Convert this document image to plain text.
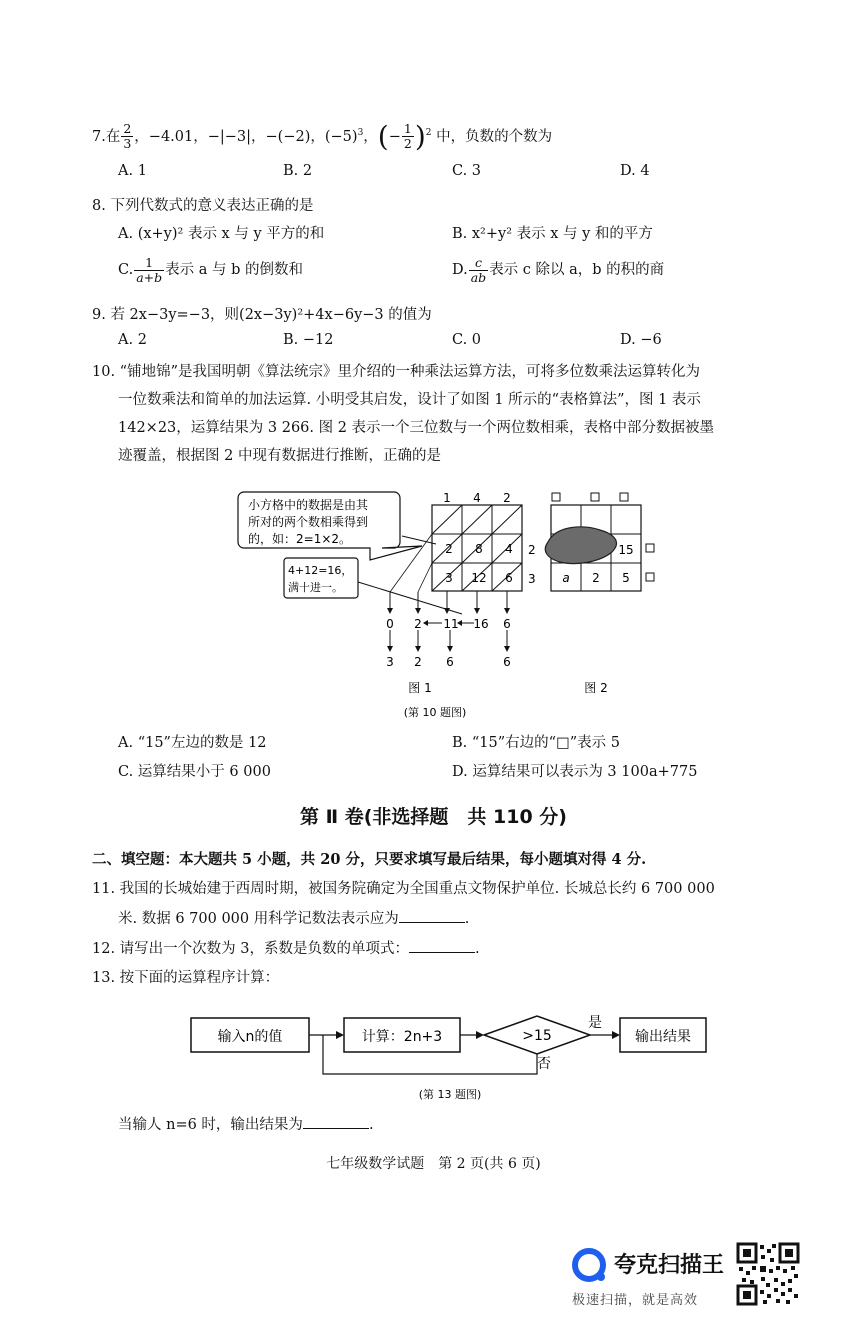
7.在 $\frac{2}{3}$ ，−4.01，−|−3|，−(−2)，$(-5)^3$，(− $\frac{1}{2} )^2$ 中，负数的个数为
A. 1	B. 2	C. 3	D. 4
8. 下列代数式的意义表达正确的是
A. (x+y)² 表示 x 与 y 平方的和	B. x²+y² 表示 x 与 y 和的平方
C. $\frac{1}{a+b}$ 表示 a 与 b 的倒数和	D. $\frac{c}{ab}$ 表示 c 除以 a，b 的积的商
9. 若 2x−3y=−3，则(2x−3y)²+4x−6y−3 的值为
A. 2	B. −12	C. 0	D. −6
10. “铺地锦”是我国明朝《算法统宗》里介绍的一种乘法运算方法，可将多位数乘法运算转化为
一位数乘法和简单的加法运算. 小明受其启发，设计了如图 1 所示的“表格算法”，图 1 表示
142×23，运算结果为 3 266. 图 2 表示一个三位数与一个两位数相乘，表格中部分数据被墨
迹覆盖，根据图 2 中现有数据进行推断，正确的是
小方格中的数据是由其
所对的两个数相乘得到
的，如：2=1×2。
4+12=16，
满十进一。
1 4 2
2
3
2 8 4
3 12 6
0 2 11 16 6
3 2 6	6
图 1
15
a 2 5
图 2
(第 10 题图)
A. “15”左边的数是 12	B. “15”右边的“□”表示 5
C. 运算结果小于 6 000	D. 运算结果可以表示为 3 100a+775
第 Ⅱ 卷(非选择题　共 110 分)
二、填空题：本大题共 5 小题，共 20 分，只要求填写最后结果，每小题填对得 4 分.
11. 我国的长城始建于西周时期，被国务院确定为全国重点文物保护单位. 长城总长约 6 700 000
米. 数据 6 700 000 用科学记数法表示应为	.
12. 请写出一个次数为 3，系数是负数的单项式：	.
13. 按下面的运算程序计算：
输入n的值	计算：2n+3	>15
是
输出结果
否
(第 13 题图)
当输人 n=6 时，输出结果为	.
七年级数学试题　第 2 页(共 6 页)
夸克扫描王
极速扫描，就是高效
